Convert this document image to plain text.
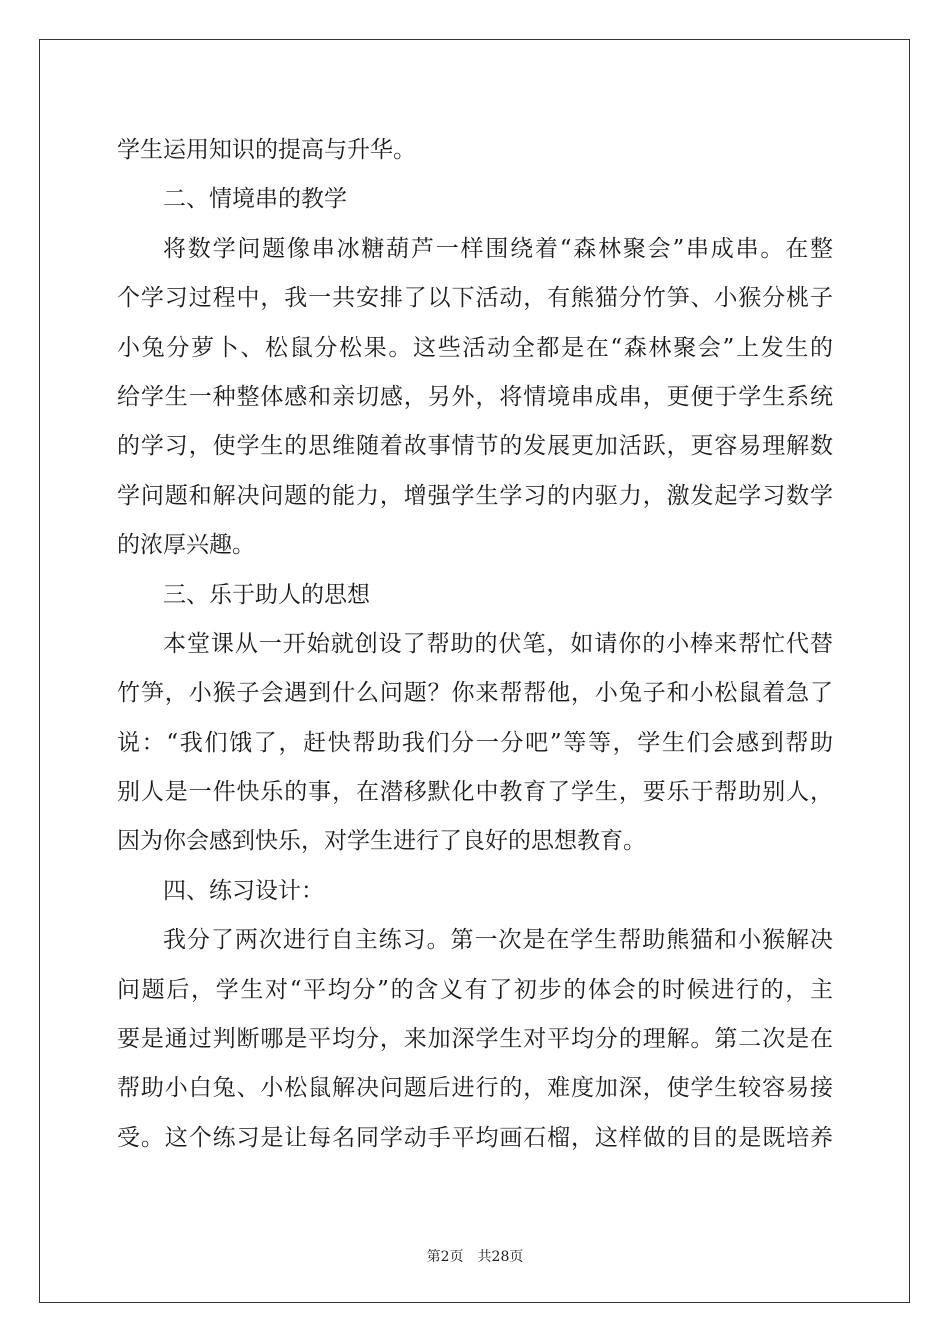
学生运用知识的提高与升华。
二、情境串的教学
将数学问题像串冰糖葫芦一样围绕着“森林聚会”串成串。在整
个学习过程中，我一共安排了以下活动，有熊猫分竹笋、小猴分桃子
小兔分萝卜、松鼠分松果。这些活动全都是在“森林聚会”上发生的
给学生一种整体感和亲切感，另外，将情境串成串，更便于学生系统
的学习，使学生的思维随着故事情节的发展更加活跃，更容易理解数
学问题和解决问题的能力，增强学生学习的内驱力，激发起学习数学
的浓厚兴趣。
三、乐于助人的思想
本堂课从一开始就创设了帮助的伏笔，如请你的小棒来帮忙代替
竹笋，小猴子会遇到什么问题？你来帮帮他，小兔子和小松鼠着急了
说：“我们饿了，赶快帮助我们分一分吧”等等，学生们会感到帮助
别人是一件快乐的事，在潜移默化中教育了学生，要乐于帮助别人，
因为你会感到快乐，对学生进行了良好的思想教育。
四、练习设计：
我分了两次进行自主练习。第一次是在学生帮助熊猫和小猴解决
问题后，学生对“平均分”的含义有了初步的体会的时候进行的，主
要是通过判断哪是平均分，来加深学生对平均分的理解。第二次是在
帮助小白兔、小松鼠解决问题后进行的，难度加深，使学生较容易接
受。这个练习是让每名同学动手平均画石榴，这样做的目的是既培养
第2页　共28页
